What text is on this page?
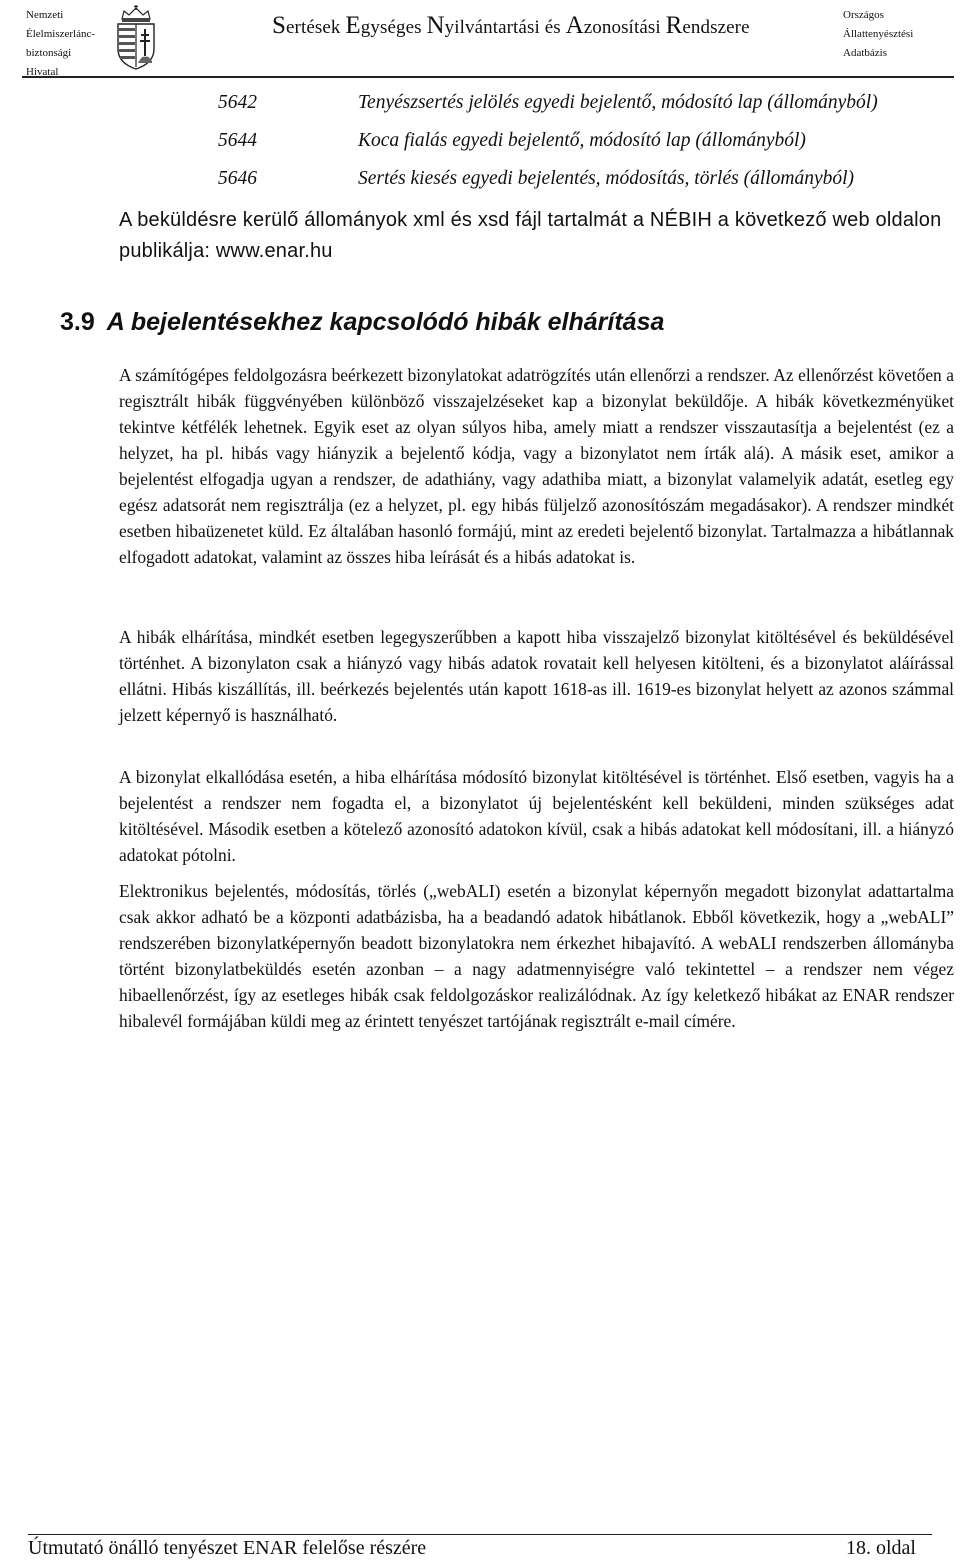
Nemzeti
Élelmiszerlánc-
biztonsági
Hivatal
Sertések Egységes Nyilvántartási és Azonosítási Rendszere
Országos
Állattenyésztési
Adatbázis
5642	Tenyészsertés jelölés egyedi bejelentő, módosító lap (állományból)
5644	Koca fialás egyedi bejelentő, módosító lap (állományból)
5646	Sertés kiesés egyedi bejelentés, módosítás, törlés (állományból)
A beküldésre kerülő állományok xml és xsd fájl tartalmát a NÉBIH a következő web oldalon publikálja: www.enar.hu
3.9 A bejelentésekhez kapcsolódó hibák elhárítása

A számítógépes feldolgozásra beérkezett bizonylatokat adatrögzítés után ellenőrzi a rendszer. Az ellenőrzést követően a regisztrált hibák függvényében különböző visszajelzéseket kap a bizonylat beküldője. A hibák következményüket tekintve kétfélék lehetnek. Egyik eset az olyan súlyos hiba, amely miatt a rendszer visszautasítja a bejelentést (ez a helyzet, ha pl. hibás vagy hiányzik a bejelentő kódja, vagy a bizonylatot nem írták alá). A másik eset, amikor a bejelentést elfogadja ugyan a rendszer, de adathiány, vagy adathiba miatt, a bizonylat valamelyik adatát, esetleg egy egész adatsorát nem regisztrálja (ez a helyzet, pl. egy hibás füljelző azonosítószám megadásakor). A rendszer mindkét esetben hibaüzenetet küld. Ez általában hasonló formájú, mint az eredeti bejelentő bizonylat. Tartalmazza a hibátlannak elfogadott adatokat, valamint az összes hiba leírását és a hibás adatokat is.

A hibák elhárítása, mindkét esetben legegyszerűbben a kapott hiba visszajelző bizonylat kitöltésével és beküldésével történhet. A bizonylaton csak a hiányzó vagy hibás adatok rovatait kell helyesen kitölteni, és a bizonylatot aláírással ellátni. Hibás kiszállítás, ill. beérkezés bejelentés után kapott 1618-as ill. 1619-es bizonylat helyett az azonos számmal jelzett képernyő is használható.

A bizonylat elkallódása esetén, a hiba elhárítása módosító bizonylat kitöltésével is történhet. Első esetben, vagyis ha a bejelentést a rendszer nem fogadta el, a bizonylatot új bejelentésként kell beküldeni, minden szükséges adat kitöltésével. Második esetben a kötelező azonosító adatokon kívül, csak a hibás adatokat kell módosítani, ill. a hiányzó adatokat pótolni.

Elektronikus bejelentés, módosítás, törlés („webALI) esetén a bizonylat képernyőn megadott bizonylat adattartalma csak akkor adható be a központi adatbázisba, ha a beadandó adatok hibátlanok. Ebből következik, hogy a „webALI” rendszerében bizonylatképernyőn beadott bizonylatokra nem érkezhet hibajavító. A webALI rendszerben állományba történt bizonylatbeküldés esetén azonban – a nagy adatmennyiségre való tekintettel – a rendszer nem végez hibaellenőrzést, így az esetleges hibák csak feldolgozáskor realizálódnak. Az így keletkező hibákat az ENAR rendszer hibalevél formájában küldi meg az érintett tenyészet tartójának regisztrált e-mail címére.

Útmutató önálló tenyészet ENAR felelőse részére	18. oldal
